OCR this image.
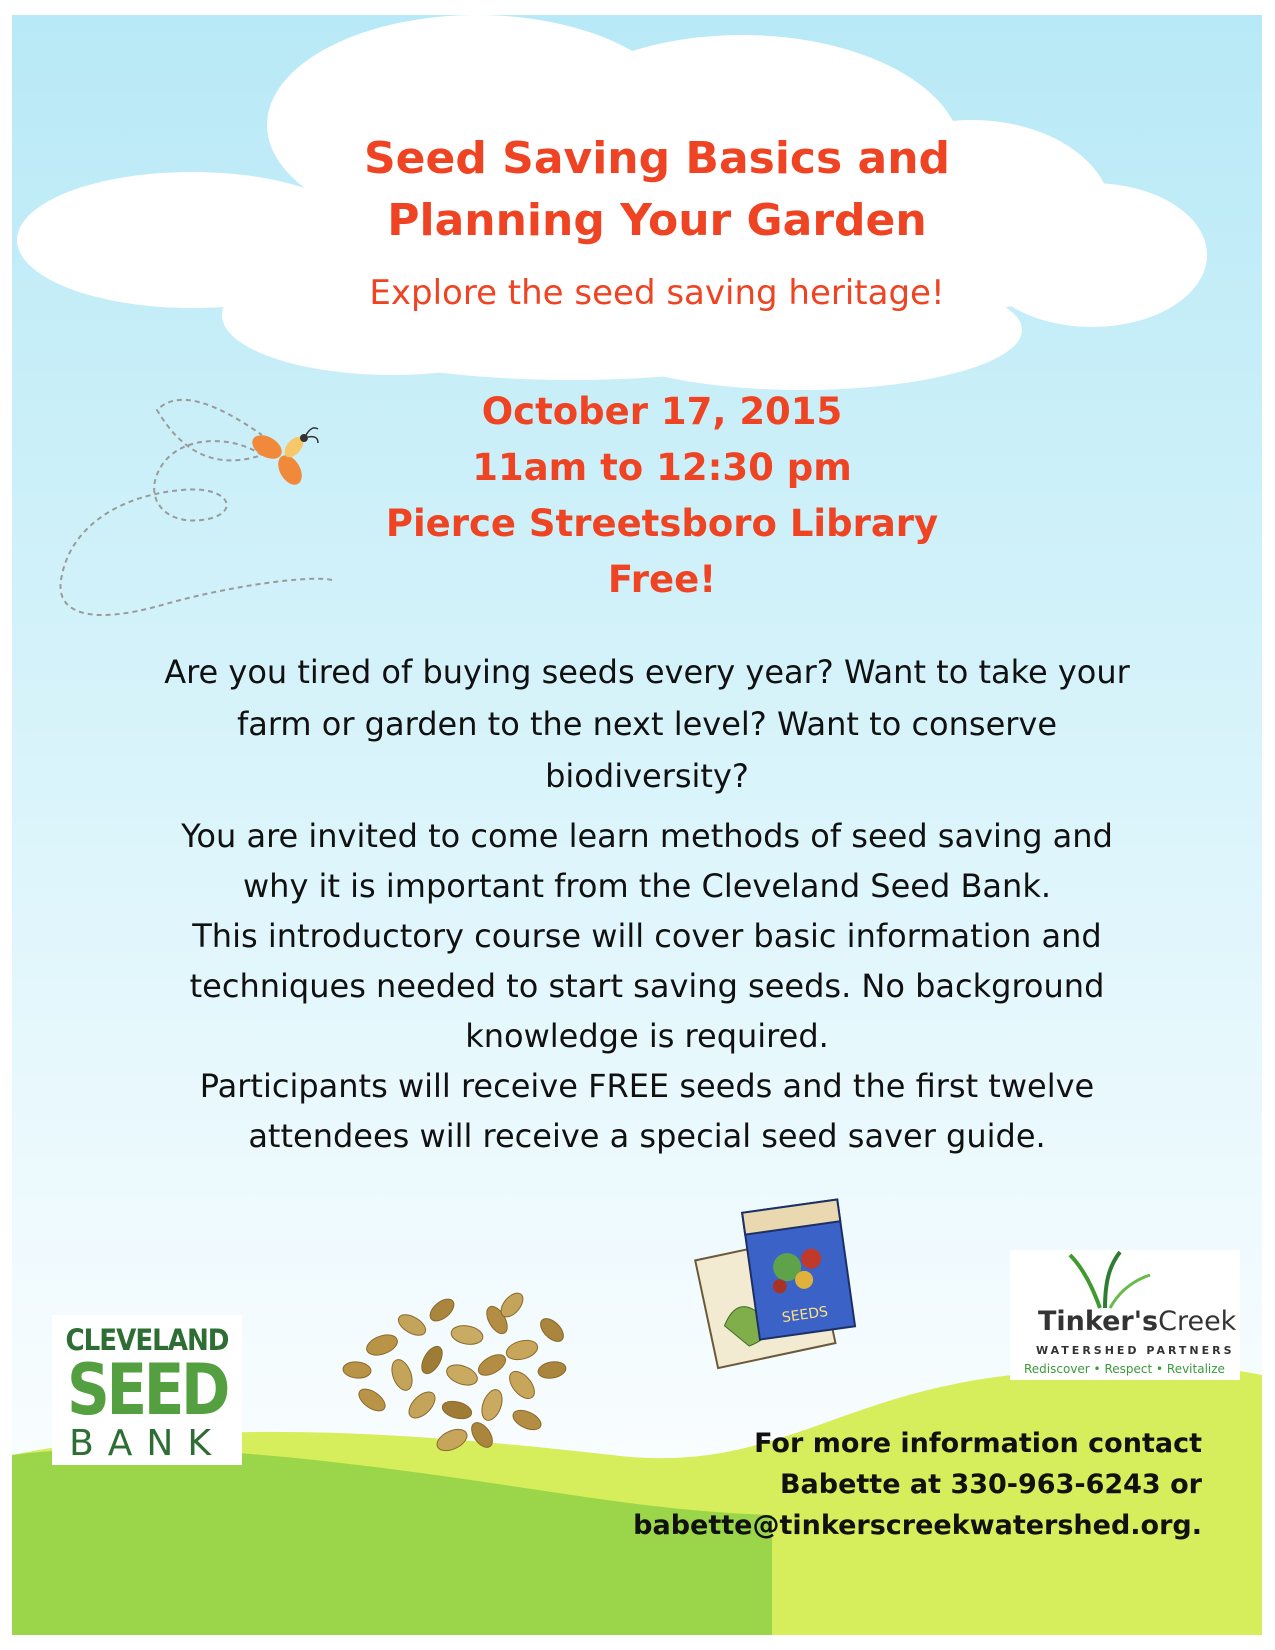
Seed Saving Basics and
Planning Your Garden
Explore the seed saving heritage!
October 17, 2015
11am to 12:30 pm
Pierce Streetsboro Library
Free!
Are you tired of buying seeds every year? Want to take your
farm or garden to the next level? Want to conserve
biodiversity?
You are invited to come learn methods of seed saving and
why it is important from the Cleveland Seed Bank.
This introductory course will cover basic information and
techniques needed to start saving seeds. No background
knowledge is required.
Participants will receive FREE seeds and the first twelve
attendees will receive a special seed saver guide.
CLEVELAND
SEED
BANK
SEEDS	Tinker'sCreek
WATERSHED PARTNERS
Rediscover • Respect • Revitalize
For more information contact
Babette at 330-963-6243 or
babette@tinkerscreekwatershed.org.
